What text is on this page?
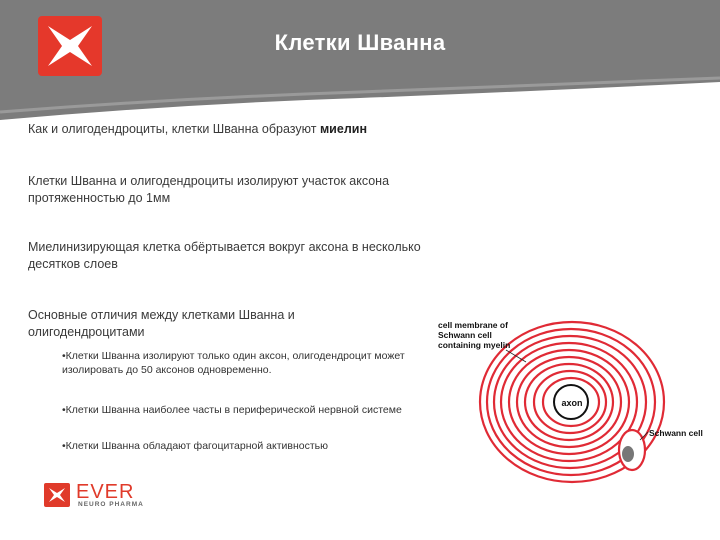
Клетки Шванна
Как и олигодендроциты, клетки Шванна образуют миелин
Клетки Шванна и олигодендроциты изолируют участок аксона протяженностью до 1мм
Миелинизирующая клетка обёртывается вокруг аксона в несколько десятков слоев
Основные отличия между клетками Шванна и олигодендроцитами
•Клетки Шванна изолируют только один аксон, олигодендроцит может изолировать до 50 аксонов одновременно.
•Клетки Шванна наиболее часты в периферической нервной системе
•Клетки Шванна обладают фагоцитарной активностью
cell membrane of Schwann cell containing myelin
Schwann cell
axon
EVER
NEURO PHARMA
